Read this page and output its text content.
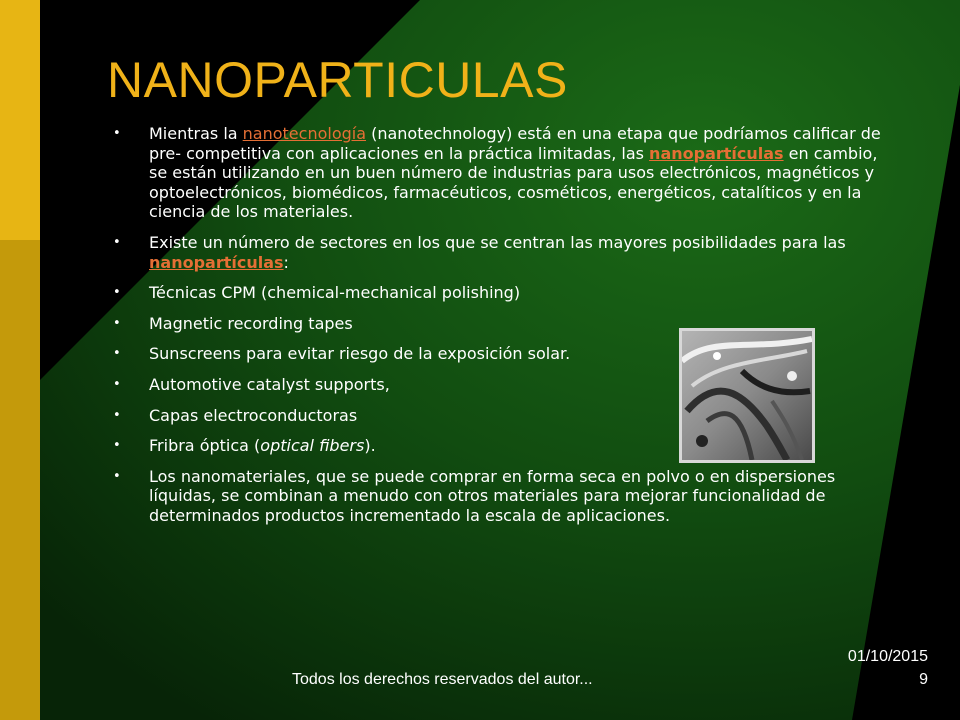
NANOPARTICULAS

• Mientras la nanotecnología (nanotechnology) está en una etapa que podríamos calificar de pre- competitiva con aplicaciones en la práctica limitadas, las nanopartículas en cambio, se están utilizando en un buen número de industrias para usos electrónicos, magnéticos y optoelectrónicos, biomédicos, farmacéuticos, cosméticos, energéticos, catalíticos y en la ciencia de los materiales.

• Existe un número de sectores en los que se centran las mayores posibilidades para las nanopartículas:

• Técnicas CPM (chemical-mechanical polishing)

• Magnetic recording tapes

• Sunscreens para evitar riesgo de la exposición solar.

• Automotive catalyst supports,

• Capas electroconductoras

• Fribra óptica (optical fibers).

• Los nanomateriales, que se puede comprar en forma seca en polvo o en dispersiones líquidas, se combinan a menudo con otros materiales para mejorar funcionalidad de determinados productos incrementado la escala de aplicaciones.

Todos los derechos reservados del autor...
01/10/2015
9
